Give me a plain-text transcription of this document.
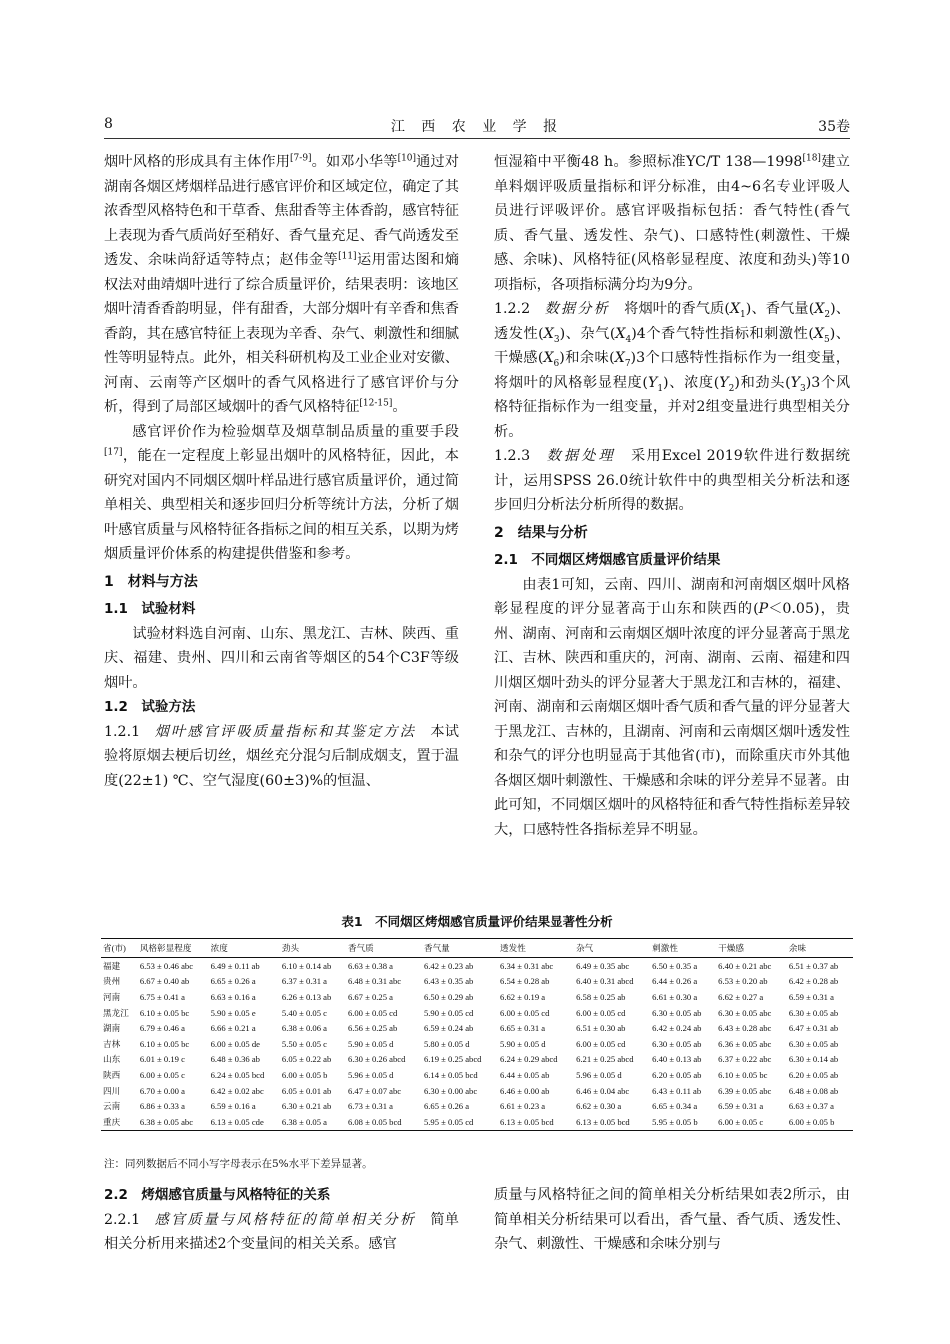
8	江 西 农 业 学 报	35卷

烟叶风格的形成具有主体作用[7-9]。如邓小华等[10]通过对湖南各烟区烤烟样品进行感官评价和区域定位，确定了其浓香型风格特色和干草香、焦甜香等主体香韵，感官特征上表现为香气质尚好至稍好、香气量充足、香气尚透发至透发、余味尚舒适等特点；赵伟金等[11]运用雷达图和熵权法对曲靖烟叶进行了综合质量评价，结果表明：该地区烟叶清香香韵明显，伴有甜香，大部分烟叶有辛香和焦香香韵，其在感官特征上表现为辛香、杂气、刺激性和细腻性等明显特点。此外，相关科研机构及工业企业对安徽、河南、云南等产区烟叶的香气风格进行了感官评价与分析，得到了局部区域烟叶的香气风格特征[12-15]。

感官评价作为检验烟草及烟草制品质量的重要手段[17]，能在一定程度上彰显出烟叶的风格特征，因此，本研究对国内不同烟区烟叶样品进行感官质量评价，通过简单相关、典型相关和逐步回归分析等统计方法，分析了烟叶感官质量与风格特征各指标之间的相互关系，以期为烤烟质量评价体系的构建提供借鉴和参考。

1　材料与方法

1.1　试验材料

试验材料选自河南、山东、黑龙江、吉林、陕西、重庆、福建、贵州、四川和云南省等烟区的54个C3F等级烟叶。

1.2　试验方法

1.2.1　 烟叶感官评吸质量指标和其鉴定方法　 本试验将原烟去梗后切丝，烟丝充分混匀后制成烟支，置于温度(22±1) ℃、空气湿度(60±3)%的恒温、

恒湿箱中平衡48 h。参照标准YC/T 138—1998[18]建立单料烟评吸质量指标和评分标准，由4~6名专业评吸人员进行评吸评价。感官评吸指标包括：香气特性(香气质、香气量、透发性、杂气)、口感特性(刺激性、干燥感、余味)、风格特征(风格彰显程度、浓度和劲头)等10项指标，各项指标满分均为9分。

1.2.2　 数据分析　 将烟叶的香气质$(X_1)$、香气量$(X_2)$、透发性$(X_3)$、杂气$(X_4)4$个香气特性指标和刺激性$(X_5)$、干燥感$(X_6)$和余味$(X_7)3$个口感特性指标作为一组变量，将烟叶的风格彰显程度$(Y_1)$、浓度$(Y_2)$和劲头$(Y_3)3$个风格特征指标作为一组变量，并对2组变量进行典型相关分析。

1.2.3　 数据处理　 采用Excel 2019软件进行数据统计，运用SPSS 26.0统计软件中的典型相关分析法和逐步回归分析法分析所得的数据。

2　结果与分析

2.1　不同烟区烤烟感官质量评价结果

由表1可知，云南、四川、湖南和河南烟区烟叶风格彰显程度的评分显著高于山东和陕西的(P＜0.05)，贵州、湖南、河南和云南烟区烟叶浓度的评分显著高于黑龙江、吉林、陕西和重庆的，河南、湖南、云南、福建和四川烟区烟叶劲头的评分显著大于黑龙江和吉林的，福建、河南、湖南和云南烟区烟叶香气质和香气量的评分显著大于黑龙江、吉林的，且湖南、河南和云南烟区烟叶透发性和杂气的评分也明显高于其他省(市)，而除重庆市外其他各烟区烟叶刺激性、干燥感和余味的评分差异不显著。由此可知，不同烟区烟叶的风格特征和香气特性指标差异较大，口感特性各指标差异不明显。

表1　不同烟区烤烟感官质量评价结果显著性分析
省(市)	风格彰显程度	浓度	劲头	香气质	香气量	透发性	杂气	刺激性	干燥感	余味
福建	6.53 ± 0.46 abc	6.49 ± 0.11 ab	6.10 ± 0.14 ab	6.63 ± 0.38 a	6.42 ± 0.23 ab	6.34 ± 0.31 abc	6.49 ± 0.35 abc	6.50 ± 0.35 a	6.40 ± 0.21 abc	6.51 ± 0.37 ab
贵州	6.67 ± 0.40 ab	6.65 ± 0.26 a	6.37 ± 0.31 a	6.48 ± 0.31 abc	6.43 ± 0.35 ab	6.54 ± 0.28 ab	6.40 ± 0.31 abcd	6.44 ± 0.26 a	6.53 ± 0.20 ab	6.42 ± 0.28 ab
河南	6.75 ± 0.41 a	6.63 ± 0.16 a	6.26 ± 0.13 ab	6.67 ± 0.25 a	6.50 ± 0.29 ab	6.62 ± 0.19 a	6.58 ± 0.25 ab	6.61 ± 0.30 a	6.62 ± 0.27 a	6.59 ± 0.31 a
黑龙江	6.10 ± 0.05 bc	5.90 ± 0.05 e	5.40 ± 0.05 c	6.00 ± 0.05 cd	5.90 ± 0.05 cd	6.00 ± 0.05 cd	6.00 ± 0.05 cd	6.30 ± 0.05 ab	6.30 ± 0.05 abc	6.30 ± 0.05 ab
湖南	6.79 ± 0.46 a	6.66 ± 0.21 a	6.38 ± 0.06 a	6.56 ± 0.25 ab	6.59 ± 0.24 ab	6.65 ± 0.31 a	6.51 ± 0.30 ab	6.42 ± 0.24 ab	6.43 ± 0.28 abc	6.47 ± 0.31 ab
吉林	6.10 ± 0.05 bc	6.00 ± 0.05 de	5.50 ± 0.05 c	5.90 ± 0.05 d	5.80 ± 0.05 d	5.90 ± 0.05 d	6.00 ± 0.05 cd	6.30 ± 0.05 ab	6.36 ± 0.05 abc	6.30 ± 0.05 ab
山东	6.01 ± 0.19 c	6.48 ± 0.36 ab	6.05 ± 0.22 ab	6.30 ± 0.26 abcd	6.19 ± 0.25 abcd	6.24 ± 0.29 abcd	6.21 ± 0.25 abcd	6.40 ± 0.13 ab	6.37 ± 0.22 abc	6.30 ± 0.14 ab
陕西	6.00 ± 0.05 c	6.24 ± 0.05 bcd	6.00 ± 0.05 b	5.96 ± 0.05 d	6.14 ± 0.05 bcd	6.44 ± 0.05 ab	5.96 ± 0.05 d	6.20 ± 0.05 ab	6.10 ± 0.05 bc	6.20 ± 0.05 ab
四川	6.70 ± 0.00 a	6.42 ± 0.02 abc	6.05 ± 0.01 ab	6.47 ± 0.07 abc	6.30 ± 0.00 abc	6.46 ± 0.00 ab	6.46 ± 0.04 abc	6.43 ± 0.11 ab	6.39 ± 0.05 abc	6.48 ± 0.08 ab
云南	6.86 ± 0.33 a	6.59 ± 0.16 a	6.30 ± 0.21 ab	6.73 ± 0.31 a	6.65 ± 0.26 a	6.61 ± 0.23 a	6.62 ± 0.30 a	6.65 ± 0.34 a	6.59 ± 0.31 a	6.63 ± 0.37 a
重庆	6.38 ± 0.05 abc	6.13 ± 0.05 cde	6.38 ± 0.05 a	6.08 ± 0.05 bcd	5.95 ± 0.05 cd	6.13 ± 0.05 bcd	6.13 ± 0.05 bcd	5.95 ± 0.05 b	6.00 ± 0.05 c	6.00 ± 0.05 b
注：同列数据后不同小写字母表示在5%水平下差异显著。

2.2　烤烟感官质量与风格特征的关系

2.2.1　 感官质量与风格特征的简单相关分析　 简单相关分析用来描述2个变量间的相关关系。感官

质量与风格特征之间的简单相关分析结果如表2所示，由简单相关分析结果可以看出，香气量、香气质、透发性、杂气、刺激性、干燥感和余味分别与
